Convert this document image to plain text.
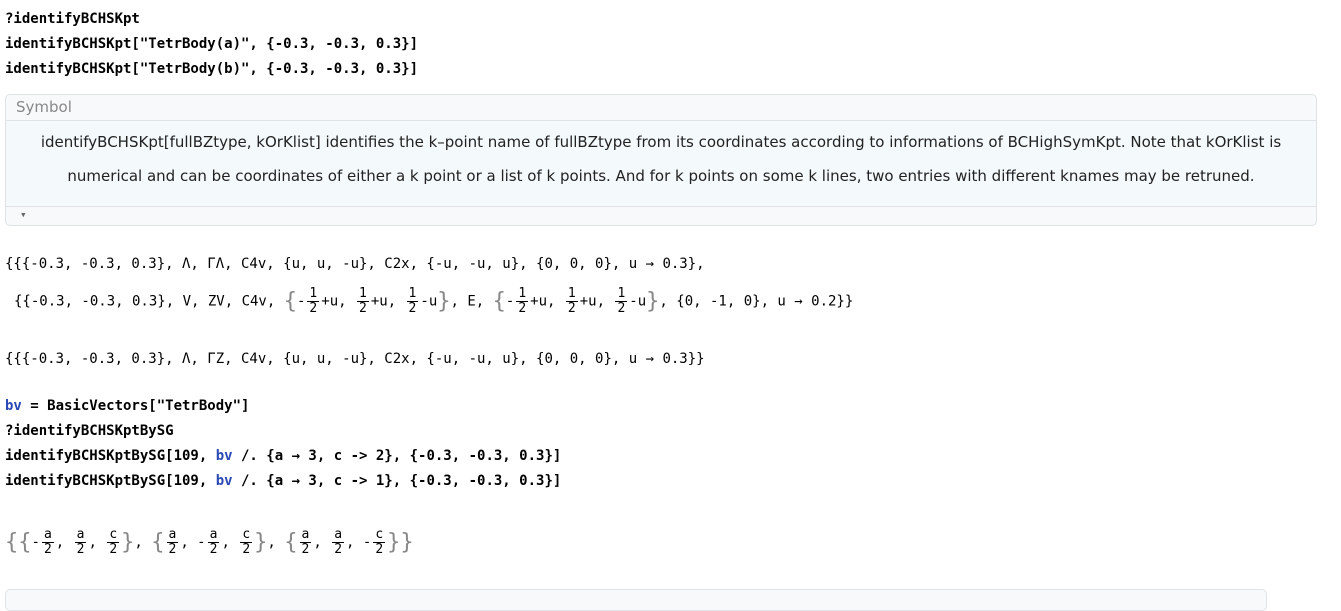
?identifyBCHSKpt
identifyBCHSKpt["TetrBody(a)", {-0.3, -0.3, 0.3}]
identifyBCHSKpt["TetrBody(b)", {-0.3, -0.3, 0.3}]
Symbol
identifyBCHSKpt[fullBZtype, kOrKlist] identifies the k–point name of fullBZtype from its coordinates according to informations of BCHighSymKpt. Note that kOrKlist is numerical and can be coordinates of either a k point or a list of k points. And for k points on some k lines, two entries with different knames may be retruned.
▾
{{{-0.3, -0.3, 0.3}, Λ, ΓΛ, C4v, {u, u, -u}, C2x, {-u, -u, u}, {0, 0, 0}, u → 0.3},
{{-0.3, -0.3, 0.3}, V, ZV, C4v, {- $\frac{1}{2} +u$, $\frac{1}{2} +u$, $\frac{1}{2} -u$}, E, {- $\frac{1}{2} +u$, $\frac{1}{2} +u$, $\frac{1}{2} -u$}, {0, -1, 0}, u → 0.2}}
{{{-0.3, -0.3, 0.3}, Λ, ΓZ, C4v, {u, u, -u}, C2x, {-u, -u, u}, {0, 0, 0}, u → 0.3}}
bv = BasicVectors["TetrBody"]
?identifyBCHSKptBySG
identifyBCHSKptBySG[109, bv /. {a → 3, c -> 2}, {-0.3, -0.3, 0.3}]
identifyBCHSKptBySG[109, bv /. {a → 3, c -> 1}, {-0.3, -0.3, 0.3}]
{{- $\frac{a}{2}$ , $\frac{a}{2}$ , $\frac{c}{2}$ }, { $\frac{a}{2}$ , - $\frac{a}{2}$ , $\frac{c}{2}$ }, { $\frac{a}{2}$ , $\frac{a}{2}$ , - $\frac{c}{2}$ }}
